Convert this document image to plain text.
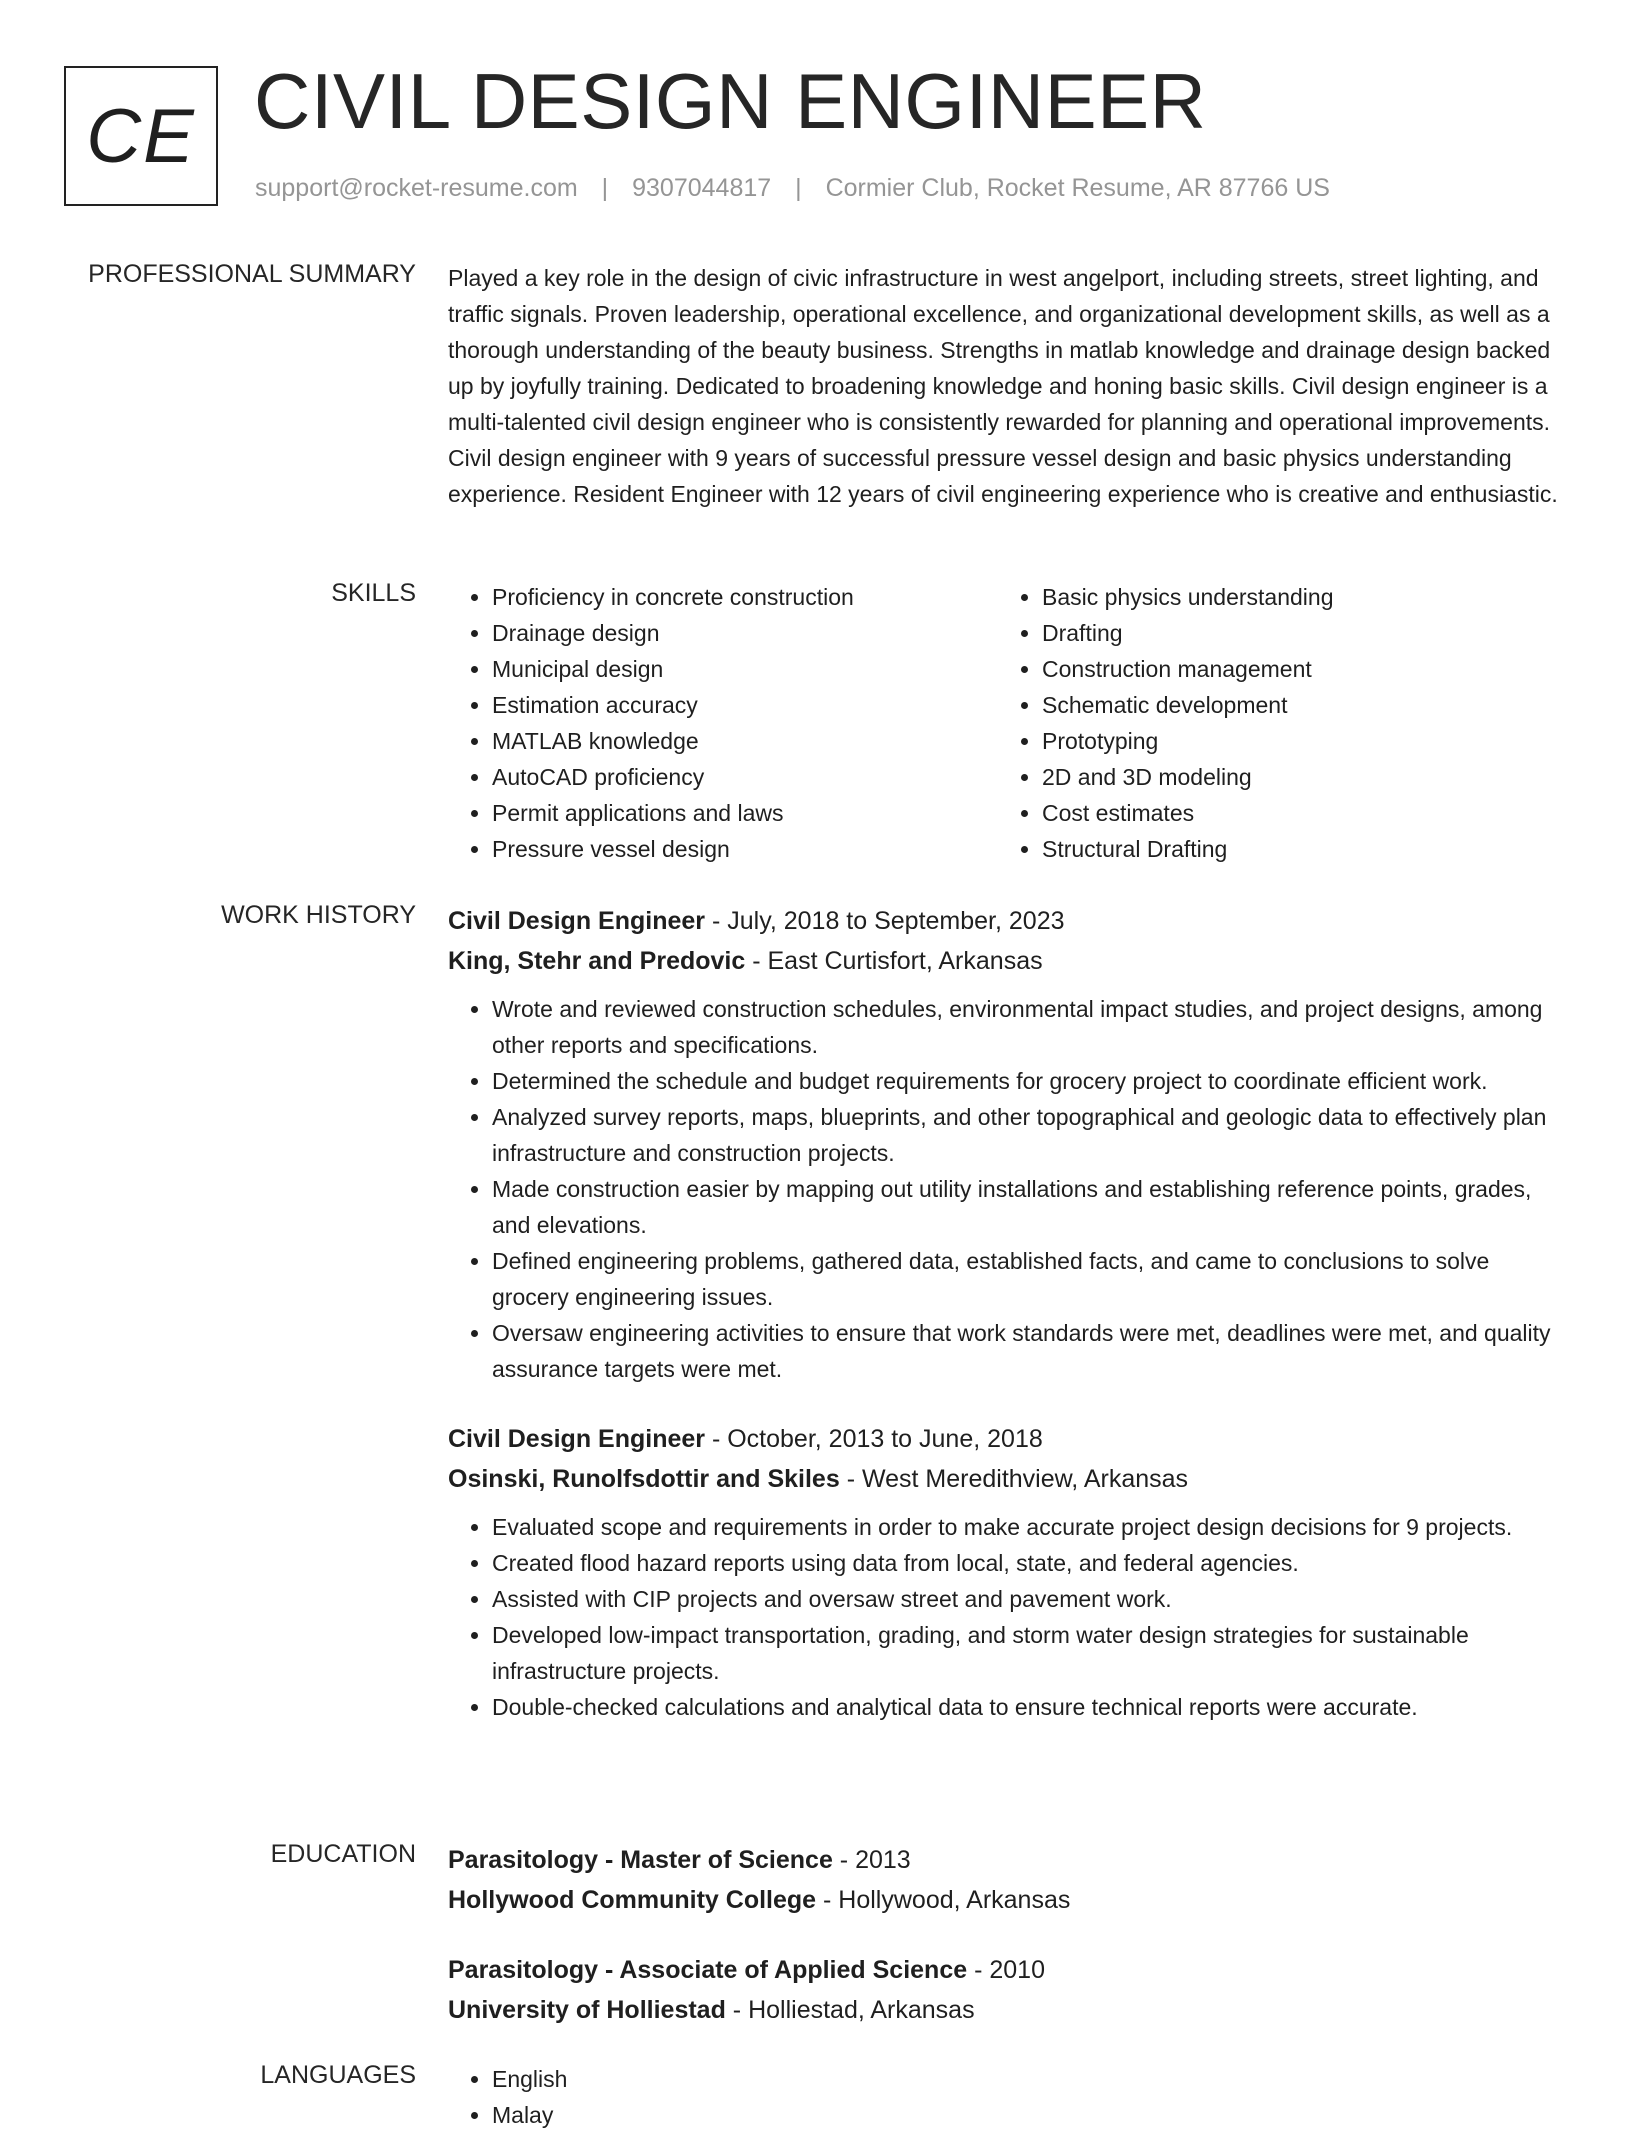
CE CIVIL DESIGN ENGINEER
support@rocket-resume.com | 9307044817 | Cormier Club, Rocket Resume, AR 87766 US
PROFESSIONAL SUMMARY Played a key role in the design of civic infrastructure in west angelport, including streets, street lighting, and traffic signals. Proven leadership, operational excellence, and organizational development skills, as well as a thorough understanding of the beauty business. Strengths in matlab knowledge and drainage design backed up by joyfully training. Dedicated to broadening knowledge and honing basic skills. Civil design engineer is a multi-talented civil design engineer who is consistently rewarded for planning and operational improvements. Civil design engineer with 9 years of successful pressure vessel design and basic physics understanding experience. Resident Engineer with 12 years of civil engineering experience who is creative and enthusiastic.

SKILLS	• Proficiency in concrete construction
• Drainage design
• Municipal design
• Estimation accuracy
• MATLAB knowledge
• AutoCAD proficiency
• Permit applications and laws
• Pressure vessel design
• Basic physics understanding
• Drafting
• Construction management
• Schematic development
• Prototyping
• 2D and 3D modeling
• Cost estimates
• Structural Drafting
WORK HISTORY Civil Design Engineer - July, 2018 to September, 2023
King, Stehr and Predovic - East Curtisfort, Arkansas
• Wrote and reviewed construction schedules, environmental impact studies, and project designs, among other reports and specifications.
• Determined the schedule and budget requirements for grocery project to coordinate efficient work.
• Analyzed survey reports, maps, blueprints, and other topographical and geologic data to effectively plan infrastructure and construction projects.
• Made construction easier by mapping out utility installations and establishing reference points, grades, and elevations.
• Defined engineering problems, gathered data, established facts, and came to conclusions to solve grocery engineering issues.
• Oversaw engineering activities to ensure that work standards were met, deadlines were met, and quality assurance targets were met.
Civil Design Engineer - October, 2013 to June, 2018
Osinski, Runolfsdottir and Skiles - West Meredithview, Arkansas
• Evaluated scope and requirements in order to make accurate project design decisions for 9 projects.
• Created flood hazard reports using data from local, state, and federal agencies.
• Assisted with CIP projects and oversaw street and pavement work.
• Developed low-impact transportation, grading, and storm water design strategies for sustainable infrastructure projects.
• Double-checked calculations and analytical data to ensure technical reports were accurate.
EDUCATION Parasitology - Master of Science - 2013
Hollywood Community College - Hollywood, Arkansas
Parasitology - Associate of Applied Science - 2010
University of Holliestad - Holliestad, Arkansas
LANGUAGES	• English
• Malay
